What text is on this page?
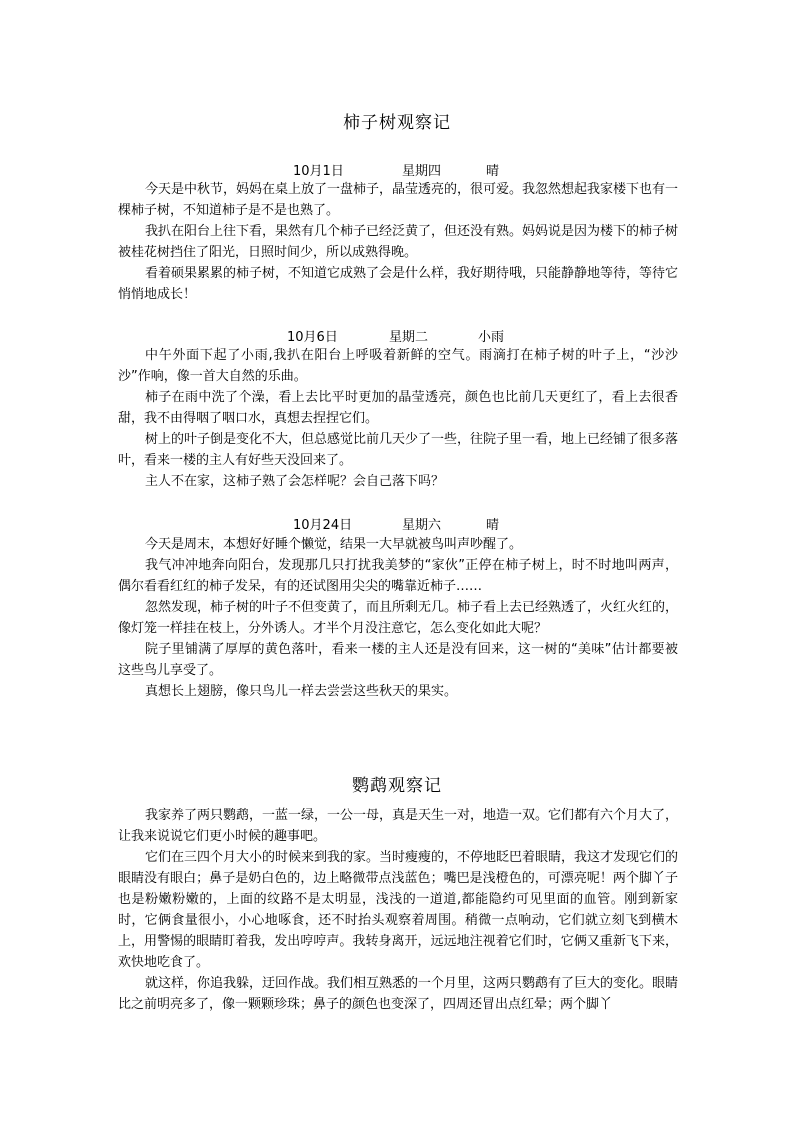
柿子树观察记
10月1日	星期四	晴

今天是中秋节，妈妈在桌上放了一盘柿子，晶莹透亮的，很可爱。我忽然想起我家楼下也有一棵柿子树，不知道柿子是不是也熟了。

我扒在阳台上往下看，果然有几个柿子已经泛黄了，但还没有熟。妈妈说是因为楼下的柿子树被桂花树挡住了阳光，日照时间少，所以成熟得晚。

看着硕果累累的柿子树，不知道它成熟了会是什么样，我好期待哦，只能静静地等待，等待它悄悄地成长！

10月6日	星期二	小雨

中午外面下起了小雨,我扒在阳台上呼吸着新鲜的空气。雨滴打在柿子树的叶子上，“沙沙沙”作响，像一首大自然的乐曲。

柿子在雨中洗了个澡，看上去比平时更加的晶莹透亮，颜色也比前几天更红了，看上去很香甜，我不由得咽了咽口水，真想去捏捏它们。

树上的叶子倒是变化不大，但总感觉比前几天少了一些，往院子里一看，地上已经铺了很多落叶，看来一楼的主人有好些天没回来了。

主人不在家，这柿子熟了会怎样呢？会自己落下吗？

10月24日	星期六	晴

今天是周末，本想好好睡个懒觉，结果一大早就被鸟叫声吵醒了。

我气冲冲地奔向阳台，发现那几只打扰我美梦的“家伙”正停在柿子树上，时不时地叫两声，偶尔看看红红的柿子发呆，有的还试图用尖尖的嘴靠近柿子……

忽然发现，柿子树的叶子不但变黄了，而且所剩无几。柿子看上去已经熟透了，火红火红的，像灯笼一样挂在枝上，分外诱人。才半个月没注意它，怎么变化如此大呢？

院子里铺满了厚厚的黄色落叶，看来一楼的主人还是没有回来，这一树的“美味”估计都要被这些鸟儿享受了。

真想长上翅膀，像只鸟儿一样去尝尝这些秋天的果实。

鹦鹉观察记

我家养了两只鹦鹉，一蓝一绿，一公一母，真是天生一对，地造一双。它们都有六个月大了，让我来说说它们更小时候的趣事吧。

它们在三四个月大小的时候来到我的家。当时瘦瘦的，不停地眨巴着眼睛，我这才发现它们的眼睛没有眼白；鼻子是奶白色的，边上略微带点浅蓝色；嘴巴是浅橙色的，可漂亮呢！两个脚丫子也是粉嫩粉嫩的，上面的纹路不是太明显，浅浅的一道道,都能隐约可见里面的血管。刚到新家时，它俩食量很小，小心地啄食，还不时抬头观察着周围。稍微一点响动，它们就立刻飞到横木上，用警惕的眼睛盯着我，发出哼哼声。我转身离开，远远地注视着它们时，它俩又重新飞下来，欢快地吃食了。

就这样，你追我躲，迂回作战。我们相互熟悉的一个月里，这两只鹦鹉有了巨大的变化。眼睛比之前明亮多了，像一颗颗珍珠；鼻子的颜色也变深了，四周还冒出点红晕；两个脚丫
